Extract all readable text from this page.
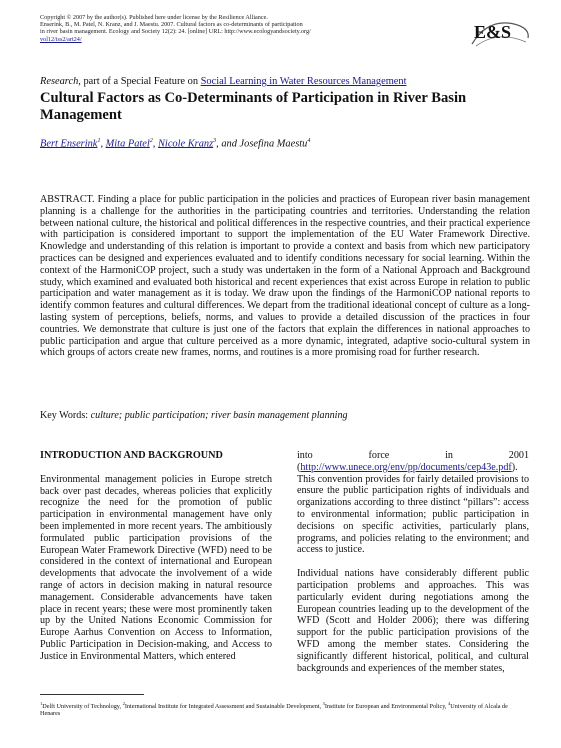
Copyright © 2007 by the author(s). Published here under license by the Resilience Alliance.
Enserink, B., M. Patel, N. Kranz, and J. Maestu. 2007. Cultural factors as co-determinants of participation
in river basin management. Ecology and Society 12(2): 24. [online] URL: http://www.ecologyandsociety.org/
vol12/iss2/art24/	E&S
Research, part of a Special Feature on Social Learning in Water Resources Management
Cultural Factors as Co-Determinants of Participation in River Basin Management
Bert Enserink$^1$, Mita Patel$^2$, Nicole Kranz$^3$, and Josefina Maestu$^4$

ABSTRACT. Finding a place for public participation in the policies and practices of European river basin management planning is a challenge for the authorities in the participating countries and territories. Understanding the relation between national culture, the historical and political differences in the respective countries, and their practical experience with participation is considered important to support the implementation of the EU Water Framework Directive. Knowledge and understanding of this relation is important to provide a context and basis from which new participatory practices can be designed and experiences evaluated and to identify conditions necessary for social learning. Within the context of the HarmoniCOP project, such a study was undertaken in the form of a National Approach and Background study, which examined and evaluated both historical and recent experiences that exist across Europe in relation to public participation and water management as it is today. We draw upon the findings of the HarmoniCOP national reports to identify common features and cultural differences. We depart from the traditional ideational concept of culture as a long-lasting system of perceptions, beliefs, norms, and values to provide a detailed discussion of the practices in four countries. We demonstrate that culture is just one of the factors that explain the differences in national approaches to public participation and argue that culture perceived as a more dynamic, integrated, adaptive socio-cultural system in which groups of actors create new frames, norms, and routines is a more promising road for further research.

Key Words: culture; public participation; river basin management planning
INTRODUCTION AND BACKGROUND

Environmental management policies in Europe stretch back over past decades, whereas policies that explicitly recognize the need for the promotion of public participation in environmental management have only been implemented in more recent years. The ambitiously formulated public participation provisions of the European Water Framework Directive (WFD) need to be considered in the context of international and European developments that advocate the involvement of a wide range of actors in decision making in natural resource management. Considerable advancements have taken place in recent years; these were most prominently taken up by the United Nations Economic Commission for Europe Aarhus Convention on Access to Information, Public Participation in Decision-making, and Access to Justice in Environmental Matters, which entered

into force in 2001 (http://www.unece.org/env/pp/documents/cep43e.pdf). This convention provides for fairly detailed provisions to ensure the public participation rights of individuals and organizations according to three distinct “pillars”: access to environmental information; public participation in decisions on specific activities, particularly plans, programs, and policies relating to the environment; and access to justice.

Individual nations have considerably different public participation problems and approaches. This was particularly evident during negotiations among the European countries leading up to the development of the WFD (Scott and Holder 2006); there was differing support for the public participation provisions of the WFD among the member states. Considering the significantly different historical, political, and cultural backgrounds and experiences of the member states,

$^1$Delft University of Technology, $^2$International Institute for Integrated Assessment and Sustainable Development, $^3$Institute for European and Environmental Policy, $^4$University of Alcala de Henares
